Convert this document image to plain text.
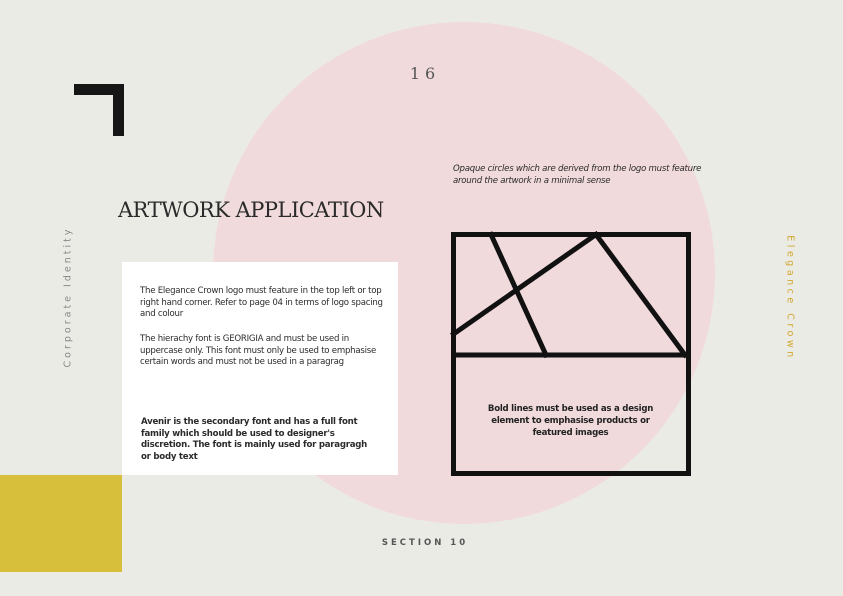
16
ARTWORK APPLICATION
Corporate Identity	Elegance Crown

The Elegance Crown logo must feature in the top left or top right hand corner. Refer to page 04 in terms of logo spacing and colour

The hierachy font is GEORIGIA and must be used in uppercase only. This font must only be used to emphasise certain words and must not be used in a paragrag

Avenir is the secondary font and has a full font family which should be used to designer's discretion. The font is mainly used for paragragh or body text

Opaque circles which are derived from the logo must feature around the artwork in a minimal sense

Bold lines must be used as a design element to emphasise products or featured images

SECTION 10
